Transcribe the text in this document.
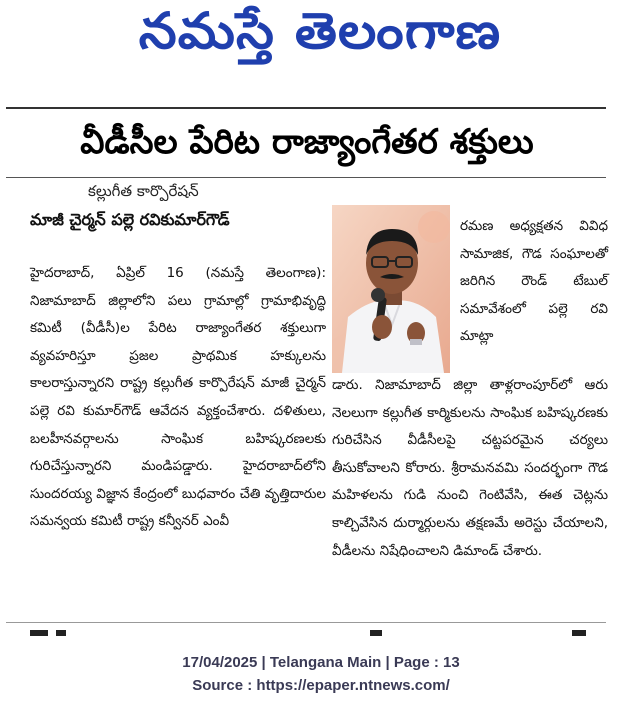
నమస్తే తెలంగాణ
వీడీసీల పేరిట రాజ్యాంగేతర శక్తులు
కల్లుగీత కార్పొరేషన్
మాజీ చైర్మన్ పల్లె రవికుమార్‌గౌడ్
హైదరాబాద్, ఏప్రిల్ 16 (నమస్తే తెలంగాణ): నిజామాబాద్ జిల్లాలోని పలు గ్రామాల్లో గ్రామాభివృద్ధి కమిటీ (వీడీసీ)ల పేరిట రాజ్యాంగేతర శక్తులుగా వ్యవహరిస్తూ ప్రజల ప్రాథమిక హక్కులను కాలరాస్తున్నారని రాష్ట్ర కల్లుగీత కార్పొరేషన్ మాజీ చైర్మన్ పల్లె రవి కుమార్‌గౌడ్ ఆవేదన వ్యక్తంచేశారు. దళితులు, బలహీనవర్గాలను సాంఘిక బహిష్కరణలకు గురిచేస్తున్నారని మండిపడ్డారు. హైదరాబాద్‌లోని సుందరయ్య విజ్ఞాన కేంద్రంలో బుధవారం చేతి వృత్తిదారుల సమన్వయ కమిటీ రాష్ట్ర కన్వీనర్ ఎంవీ
రమణ అధ్యక్షతన వివిధ సామాజిక, గౌడ సంఘాలతో జరిగిన రౌండ్ టేబుల్ సమావేశంలో పల్లె రవి మాట్లా
డారు. నిజామాబాద్ జిల్లా తాళ్లరాంపూర్‌లో ఆరు నెలలుగా కల్లుగీత కార్మికులను సాంఘిక బహిష్కరణకు గురిచేసిన వీడీసీలపై చట్టపరమైన చర్యలు తీసుకోవాలని కోరారు. శ్రీరామనవమి సందర్భంగా గౌడ మహిళలను గుడి నుంచి గెంటివేసి, ఈత చెట్లను కాల్చివేసిన దుర్మార్గులను తక్షణమే అరెస్టు చేయాలని, వీడీలను నిషేధించాలని డిమాండ్ చేశారు.
17/04/2025 | Telangana Main | Page : 13
Source : https://epaper.ntnews.com/
